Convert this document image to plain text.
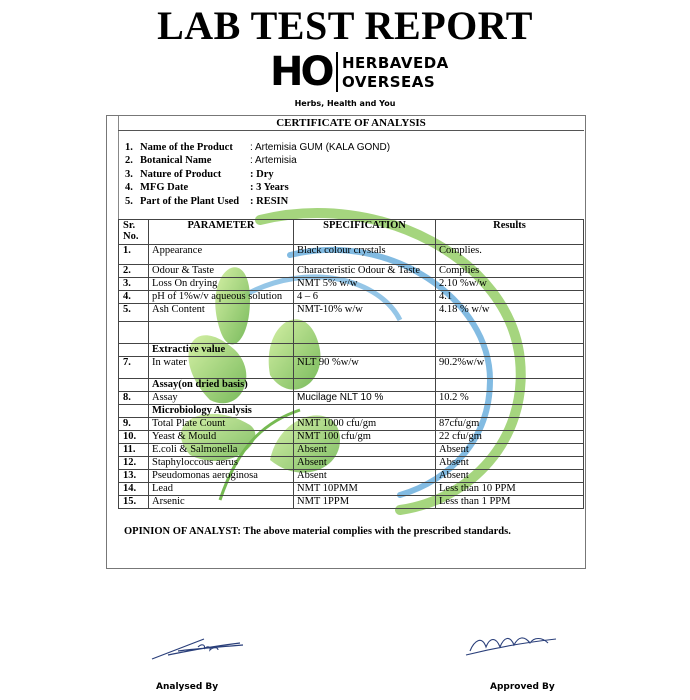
LAB TEST REPORT
HO HERBAVEDA
OVERSEAS
Herbs, Health and You
CERTIFICATE OF ANALYSIS
1. Name of the Product : Artemisia GUM (KALA GOND)
2. Botanical Name	: Artemisia
3. Nature of Product	: Dry
4. MFG Date	: 3 Years
5. Part of the Plant Used : RESIN
Sr. No.	PARAMETER	SPECIFICATION	Results
1.	Appearance	Black colour crystals	Complies.
2.	Odour & Taste	Characteristic Odour & Taste	Complies
3.	Loss On drying	NMT 5% w/w	2.10 %w/w
4.	pH of 1%w/v aqueous solution	4 – 6	4.1
5.	Ash Content	NMT-10% w/w	4.18 % w/w

	Extractive value		
7.	In water	NLT 90 %w/w	90.2%w/w
	Assay(on dried basis)		
8.	Assay	Mucilage NLT 10 %	10.2 %
	Microbiology Analysis		
9.	Total Plate Count	NMT 1000 cfu/gm	87cfu/gm
10.	Yeast & Mould	NMT 100 cfu/gm	22 cfu/gm
11.	E.coli & Salmonella	Absent	Absent
12.	Staphyloccous aerus	Absent	Absent
13.	Pseudomonas aeroginosa	Absent	Absent
14.	Lead	NMT 10PMM	Less than 10 PPM
15.	Arsenic	NMT 1PPM	Less than 1 PPM
OPINION OF ANALYST: The above material complies with the prescribed standards.
Analysed By	Approved By
